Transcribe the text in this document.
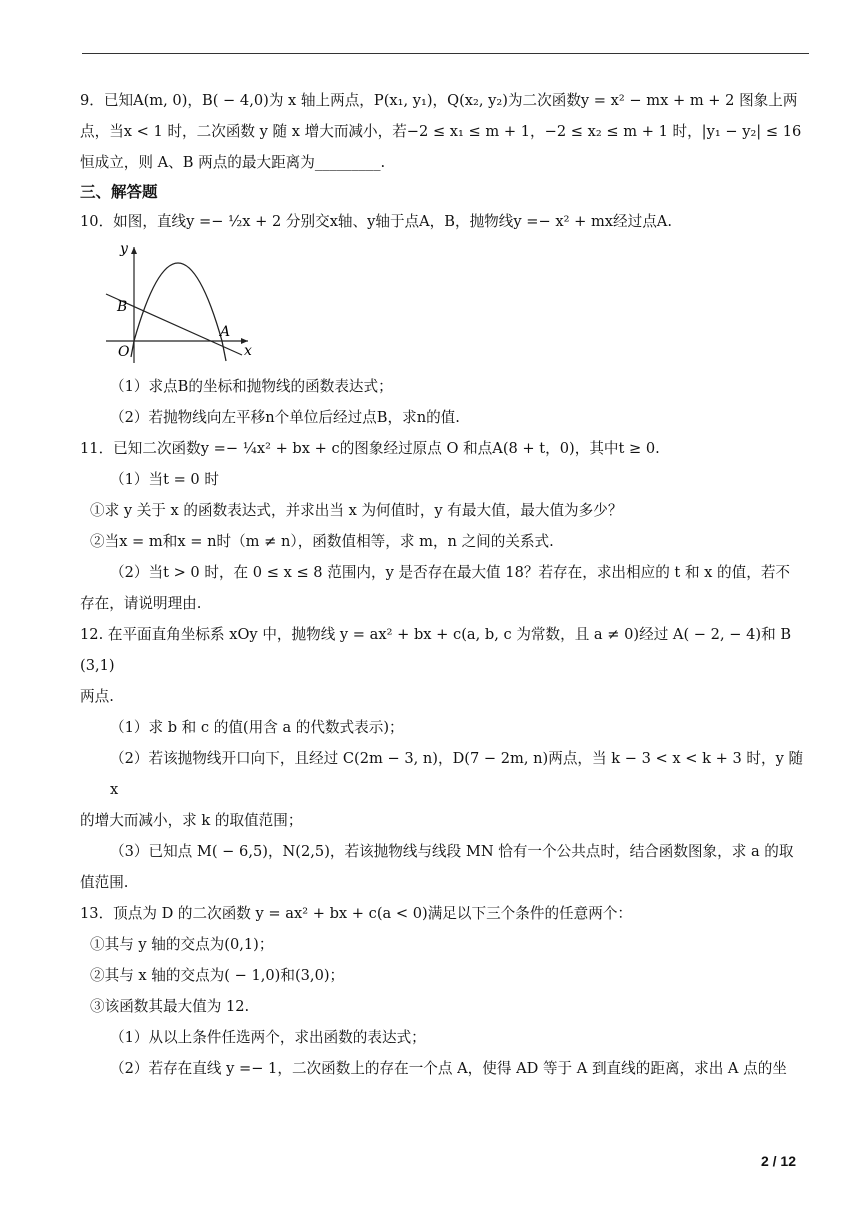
9．已知A(m, 0)，B( − 4,0)为 x 轴上两点，P(x₁, y₁)，Q(x₂, y₂)为二次函数y = x² − mx + m + 2 图象上两

点，当x < 1 时，二次函数 y 随 x 增大而减小，若−2 ≤ x₁ ≤ m + 1，−2 ≤ x₂ ≤ m + 1 时，|y₁ − y₂| ≤ 16

恒成立，则 A、B 两点的最大距离为_________.

三、解答题

10．如图，直线y =− ½x + 2 分别交x轴、y轴于点A，B，抛物线y =− x² + mx经过点A.

y
x
O
B
A

（1）求点B的坐标和抛物线的函数表达式；

（2）若抛物线向左平移n个单位后经过点B，求n的值.

11．已知二次函数y =− ¼x² + bx + c的图象经过原点 O 和点A(8 + t，0)，其中t ≥ 0.

（1）当t = 0 时

①求 y 关于 x 的函数表达式，并求出当 x 为何值时，y 有最大值，最大值为多少？

②当x = m和x = n时（m ≠ n），函数值相等，求 m，n 之间的关系式.

（2）当t > 0 时，在 0 ≤ x ≤ 8 范围内，y 是否存在最大值 18？若存在，求出相应的 t 和 x 的值，若不

存在，请说明理由.

12. 在平面直角坐标系 xOy 中，抛物线 y = ax² + bx + c(a, b, c 为常数，且 a ≠ 0)经过 A( − 2, − 4)和 B(3,1)

两点.

（1）求 b 和 c 的值(用含 a 的代数式表示)；

（2）若该抛物线开口向下，且经过 C(2m − 3, n)，D(7 − 2m, n)两点，当 k − 3 < x < k + 3 时，y 随 x

的增大而减小，求 k 的取值范围；

（3）已知点 M( − 6,5)，N(2,5)，若该抛物线与线段 MN 恰有一个公共点时，结合函数图象，求 a 的取

值范围.

13．顶点为 D 的二次函数 y = ax² + bx + c(a < 0)满足以下三个条件的任意两个：

①其与 y 轴的交点为(0,1)；

②其与 x 轴的交点为( − 1,0)和(3,0)；

③该函数其最大值为 12.

（1）从以上条件任选两个，求出函数的表达式；

（2）若存在直线 y =− 1，二次函数上的存在一个点 A，使得 AD 等于 A 到直线的距离，求出 A 点的坐

2 / 12
